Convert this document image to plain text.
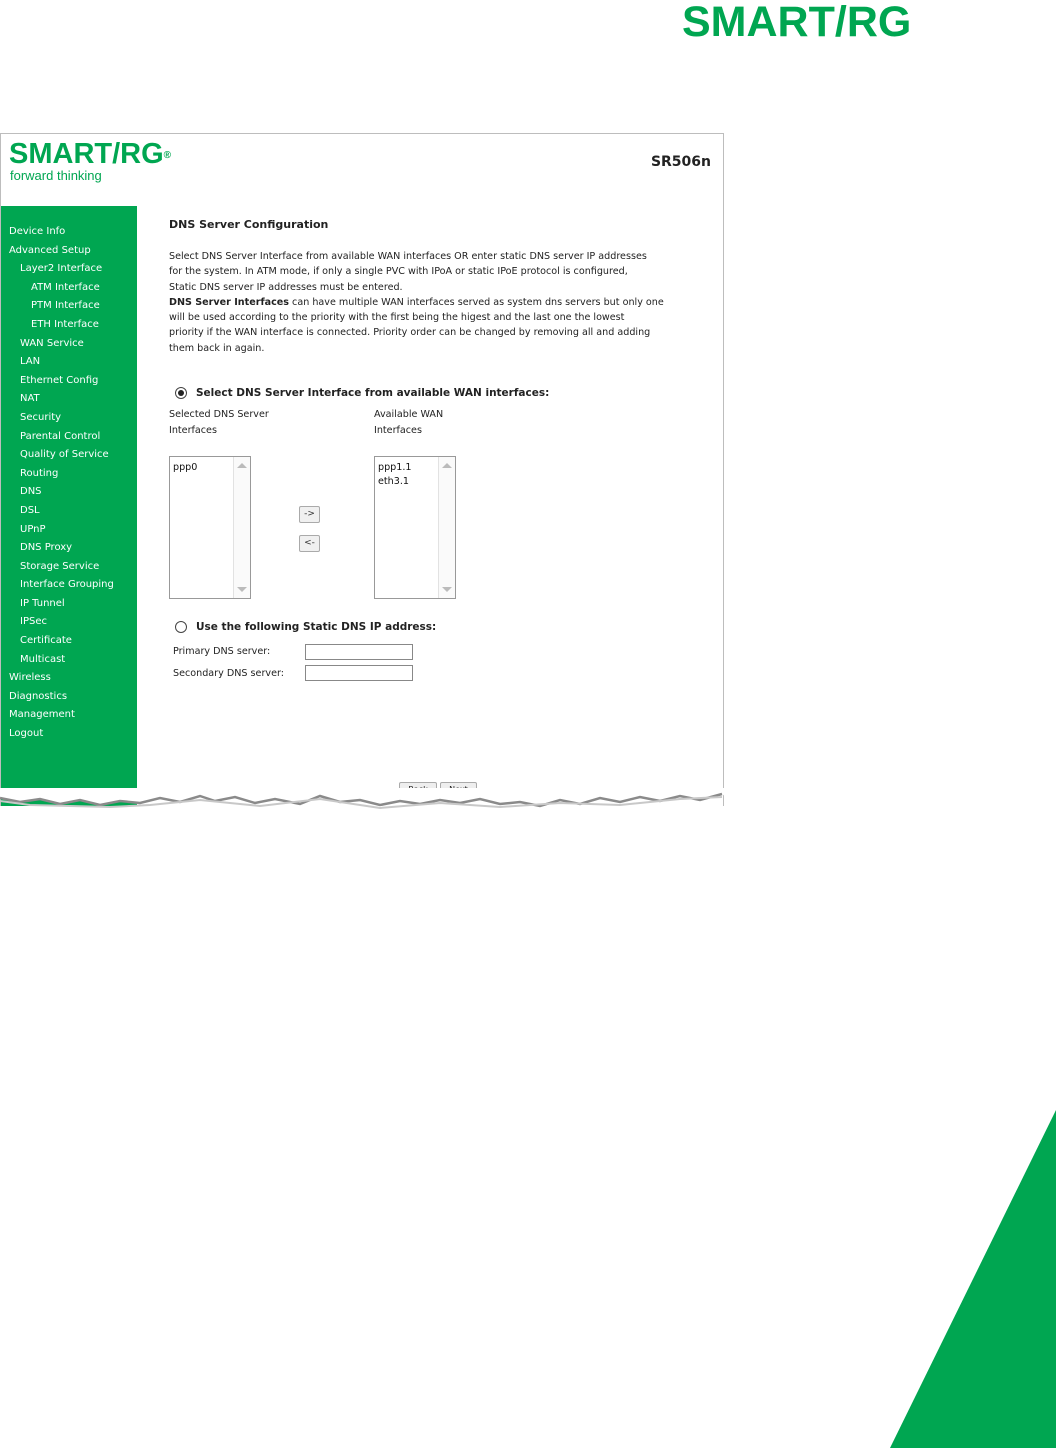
SMART/RG
SMART/RG®
forward thinking
SR506n
Device Info
Advanced Setup
Layer2 Interface
ATM Interface
PTM Interface
ETH Interface
WAN Service
LAN
Ethernet Config
NAT
Security
Parental Control
Quality of Service
Routing
DNS
DSL
UPnP
DNS Proxy
Storage Service
Interface Grouping
IP Tunnel
IPSec
Certificate
Multicast
Wireless
Diagnostics
Management
Logout
DNS Server Configuration
Select DNS Server Interface from available WAN interfaces OR enter static DNS server IP addresses
for the system. In ATM mode, if only a single PVC with IPoA or static IPoE protocol is configured,
Static DNS server IP addresses must be entered.
DNS Server Interfaces can have multiple WAN interfaces served as system dns servers but only one
will be used according to the priority with the first being the higest and the last one the lowest
priority if the WAN interface is connected. Priority order can be changed by removing all and adding
them back in again.
Select DNS Server Interface from available WAN interfaces:
Selected DNS Server
Interfaces
Available WAN
Interfaces
ppp0
->
<-
ppp1.1
eth3.1
Use the following Static DNS IP address:
Primary DNS server:
Secondary DNS server:
